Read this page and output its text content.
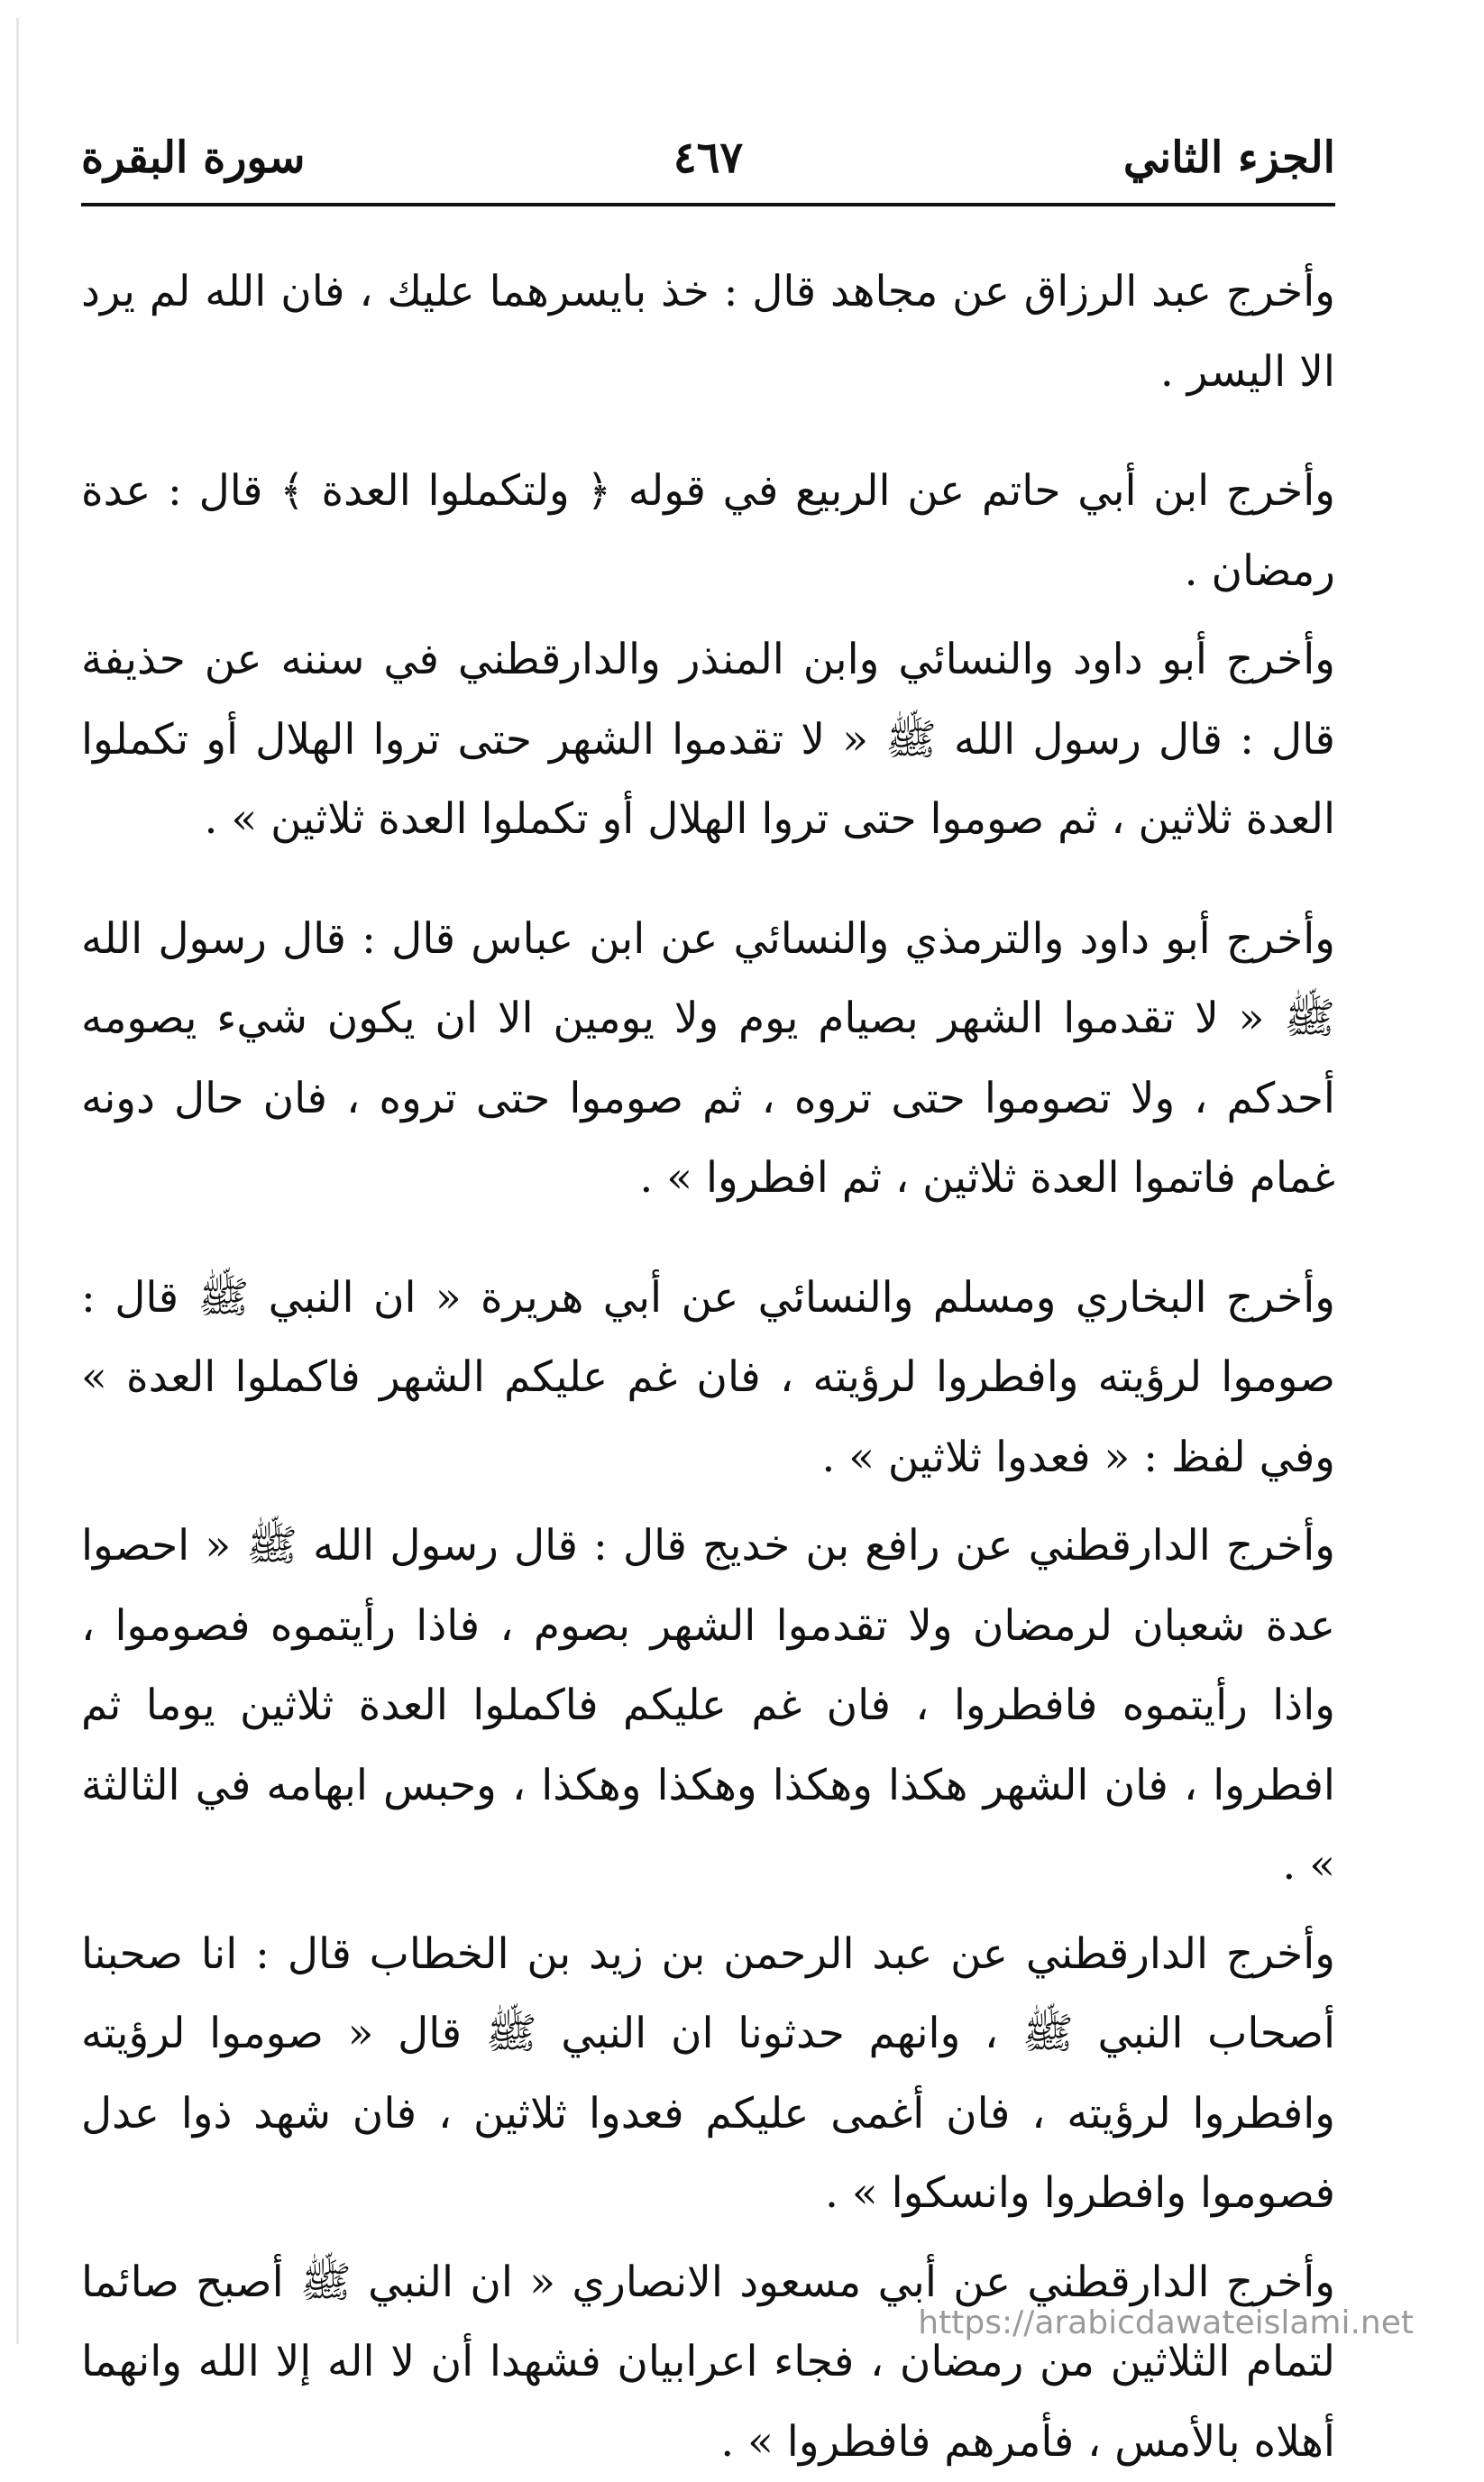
الجزء الثاني
٤٦٧
سورة البقرة

وأخرج عبد الرزاق عن مجاهد قال : خذ بايسرهما عليك ، فان الله لم يرد الا اليسر .

وأخرج ابن أبي حاتم عن الربيع في قوله ﴿ ولتكملوا العدة ﴾ قال : عدة رمضان .

وأخرج أبو داود والنسائي وابن المنذر والدارقطني في سننه عن حذيفة قال : قال رسول الله ﷺ « لا تقدموا الشهر حتى تروا الهلال أو تكملوا العدة ثلاثين ، ثم صوموا حتى تروا الهلال أو تكملوا العدة ثلاثين » .

وأخرج أبو داود والترمذي والنسائي عن ابن عباس قال : قال رسول الله ﷺ « لا تقدموا الشهر بصيام يوم ولا يومين الا ان يكون شيء يصومه أحدكم ، ولا تصوموا حتى تروه ، ثم صوموا حتى تروه ، فان حال دونه غمام فاتموا العدة ثلاثين ، ثم افطروا » .

وأخرج البخاري ومسلم والنسائي عن أبي هريرة « ان النبي ﷺ قال : صوموا لرؤيته وافطروا لرؤيته ، فان غم عليكم الشهر فاكملوا العدة » وفي لفظ : « فعدوا ثلاثين » .

وأخرج الدارقطني عن رافع بن خديج قال : قال رسول الله ﷺ « احصوا عدة شعبان لرمضان ولا تقدموا الشهر بصوم ، فاذا رأيتموه فصوموا ، واذا رأيتموه فافطروا ، فان غم عليكم فاكملوا العدة ثلاثين يوما ثم افطروا ، فان الشهر هكذا وهكذا وهكذا وهكذا ، وحبس ابهامه في الثالثة » .

وأخرج الدارقطني عن عبد الرحمن بن زيد بن الخطاب قال : انا صحبنا أصحاب النبي ﷺ ، وانهم حدثونا ان النبي ﷺ قال « صوموا لرؤيته وافطروا لرؤيته ، فان أغمى عليكم فعدوا ثلاثين ، فان شهد ذوا عدل فصوموا وافطروا وانسكوا » .

وأخرج الدارقطني عن أبي مسعود الانصاري « ان النبي ﷺ أصبح صائما لتمام الثلاثين من رمضان ، فجاء اعرابيان فشهدا أن لا اله إلا الله وانهما أهلاه بالأمس ، فأمرهم فافطروا » .

https://arabicdawateislami.net
